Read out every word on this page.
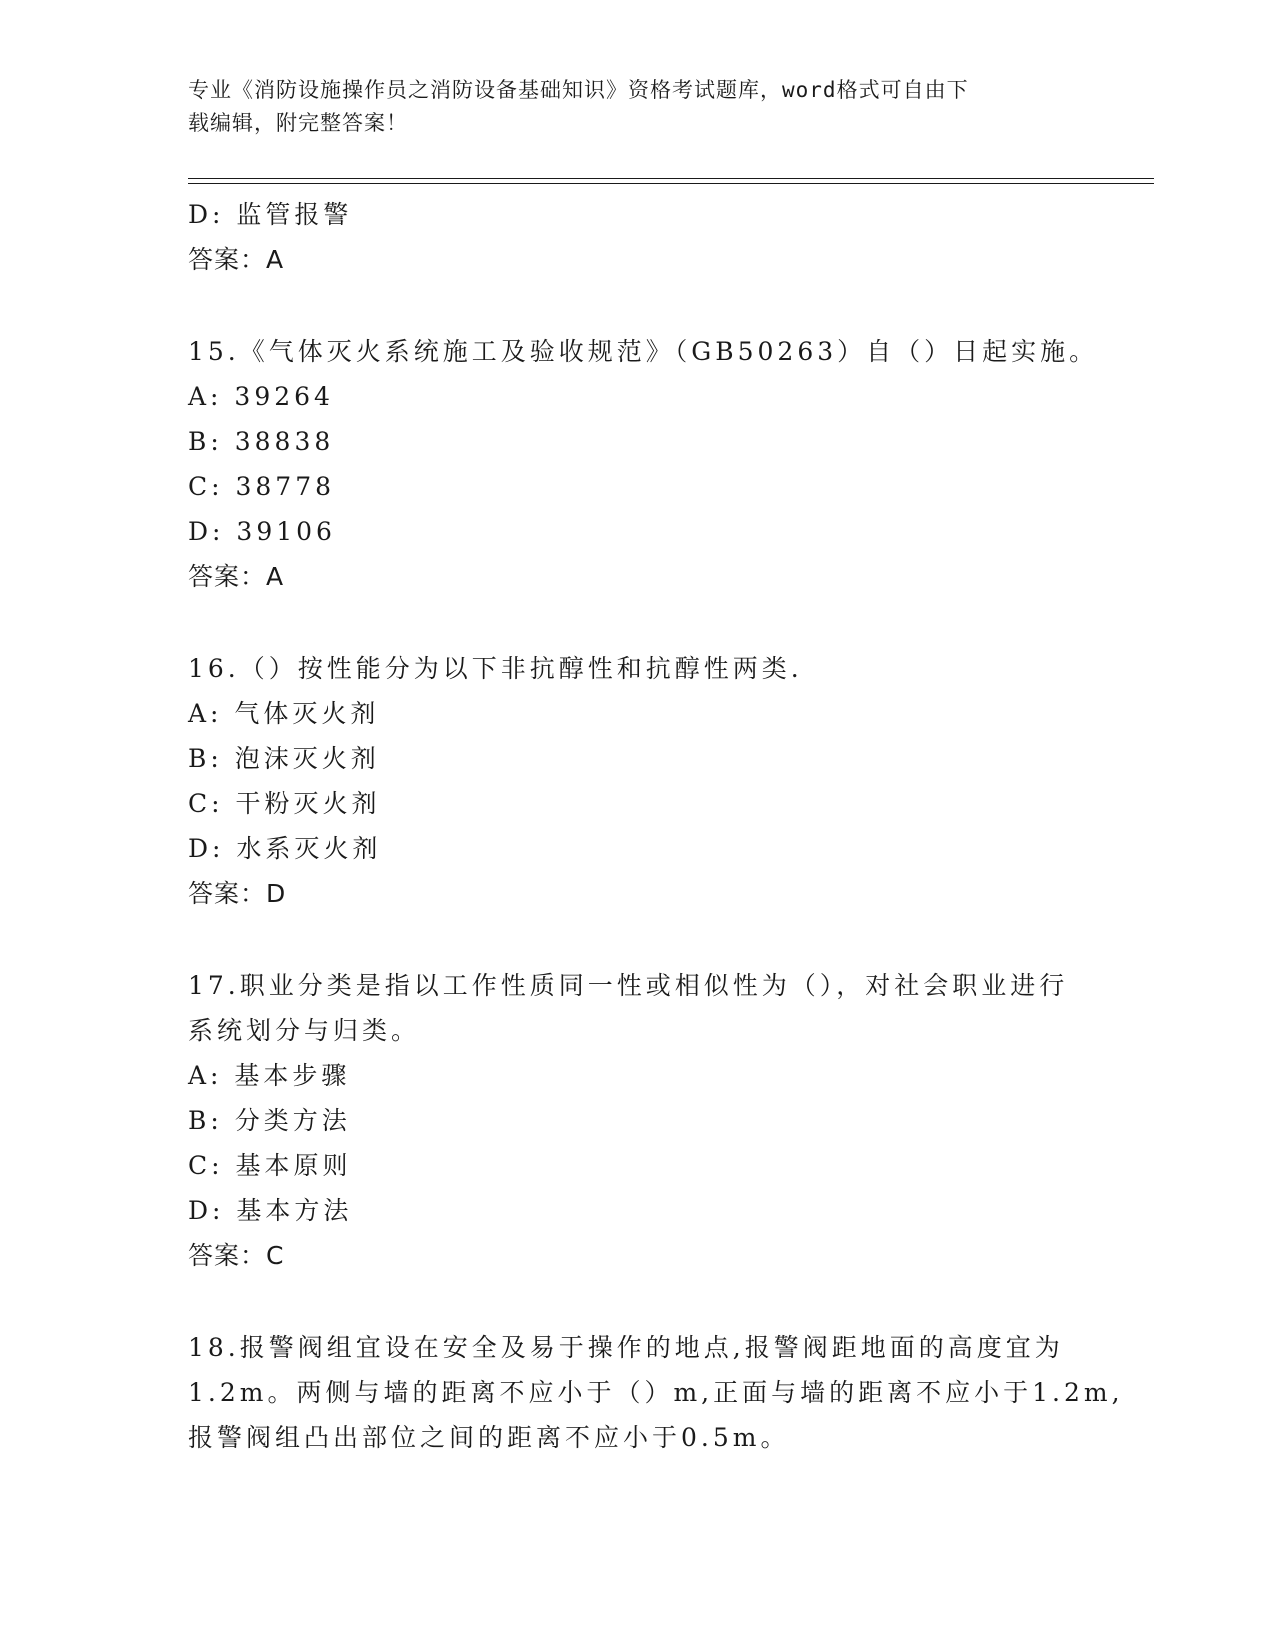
专业《消防设施操作员之消防设备基础知识》资格考试题库，word格式可自由下
载编辑，附完整答案！
D: 监管报警
答案：A
15.《气体灭火系统施工及验收规范》（GB50263）自（）日起实施。
A: 39264
B: 38838
C: 38778
D: 39106
答案：A
16.（）按性能分为以下非抗醇性和抗醇性两类.
A: 气体灭火剂
B: 泡沫灭火剂
C: 干粉灭火剂
D: 水系灭火剂
答案：D
17.职业分类是指以工作性质同一性或相似性为（），对社会职业进行
系统划分与归类。
A: 基本步骤
B: 分类方法
C: 基本原则
D: 基本方法
答案：C
18.报警阀组宜设在安全及易于操作的地点,报警阀距地面的高度宜为
1.2m。两侧与墙的距离不应小于（）m,正面与墙的距离不应小于1.2m,
报警阀组凸出部位之间的距离不应小于0.5m。
